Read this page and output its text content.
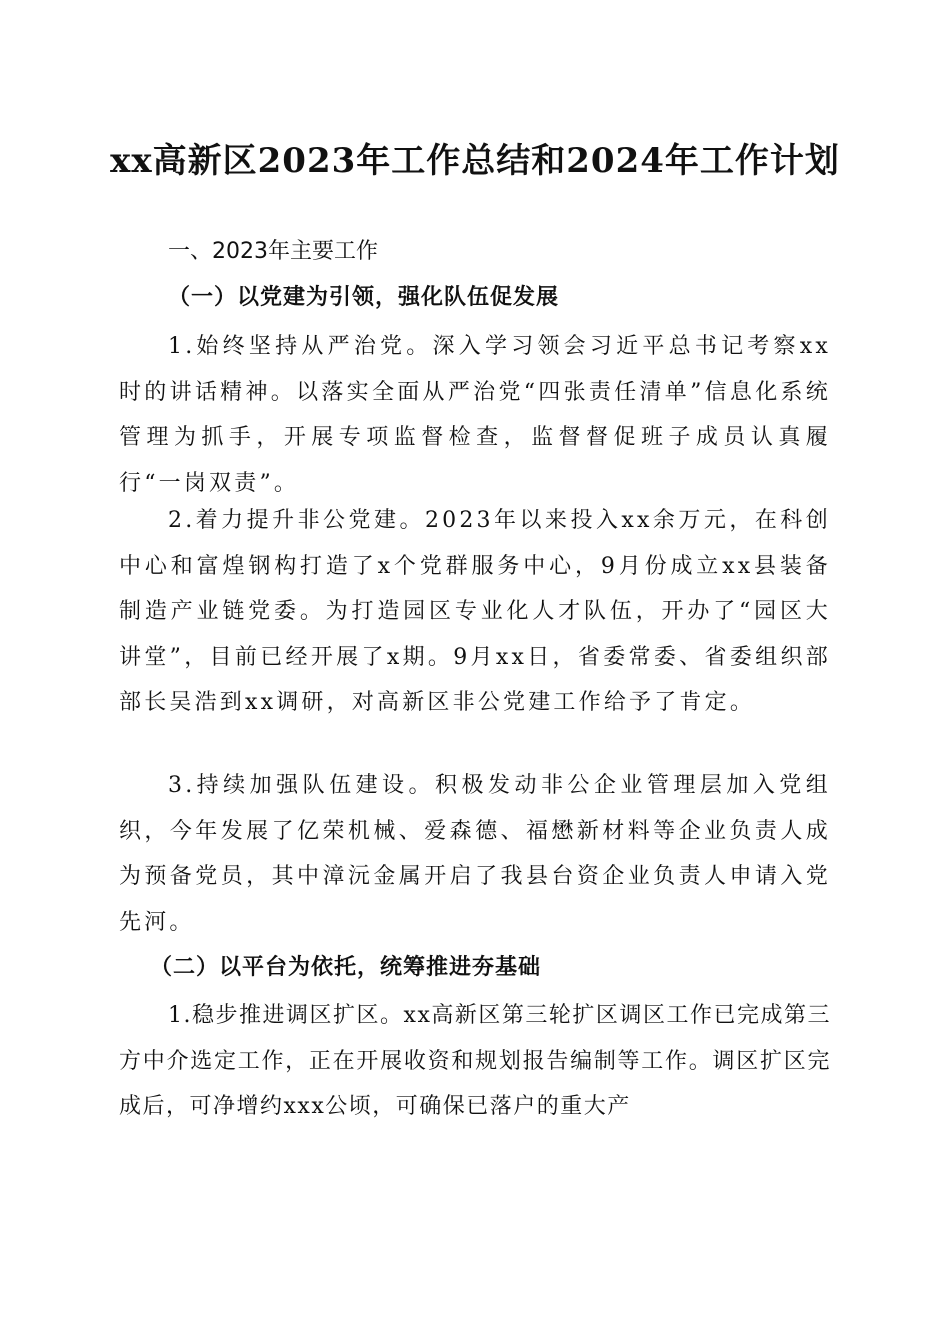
xx高新区2023年工作总结和2024年工作计划
一、2023年主要工作
（一）以党建为引领，强化队伍促发展

1.始终坚持从严治党。深入学习领会习近平总书记考察xx时的讲话精神。以落实全面从严治党“四张责任清单”信息化系统管理为抓手，开展专项监督检查，监督督促班子成员认真履行“一岗双责”。

2.着力提升非公党建。2023年以来投入xx余万元，在科创中心和富煌钢构打造了x个党群服务中心，9月份成立xx县装备制造产业链党委。为打造园区专业化人才队伍，开办了“园区大讲堂”，目前已经开展了x期。9月xx日，省委常委、省委组织部部长吴浩到xx调研，对高新区非公党建工作给予了肯定。

3.持续加强队伍建设。积极发动非公企业管理层加入党组织，今年发展了亿荣机械、爱森德、福懋新材料等企业负责人成为预备党员，其中漳沅金属开启了我县台资企业负责人申请入党先河。

（二）以平台为依托，统筹推进夯基础

1.稳步推进调区扩区。xx高新区第三轮扩区调区工作已完成第三方中介选定工作，正在开展收资和规划报告编制等工作。调区扩区完成后，可净增约xxx公顷，可确保已落户的重大产
